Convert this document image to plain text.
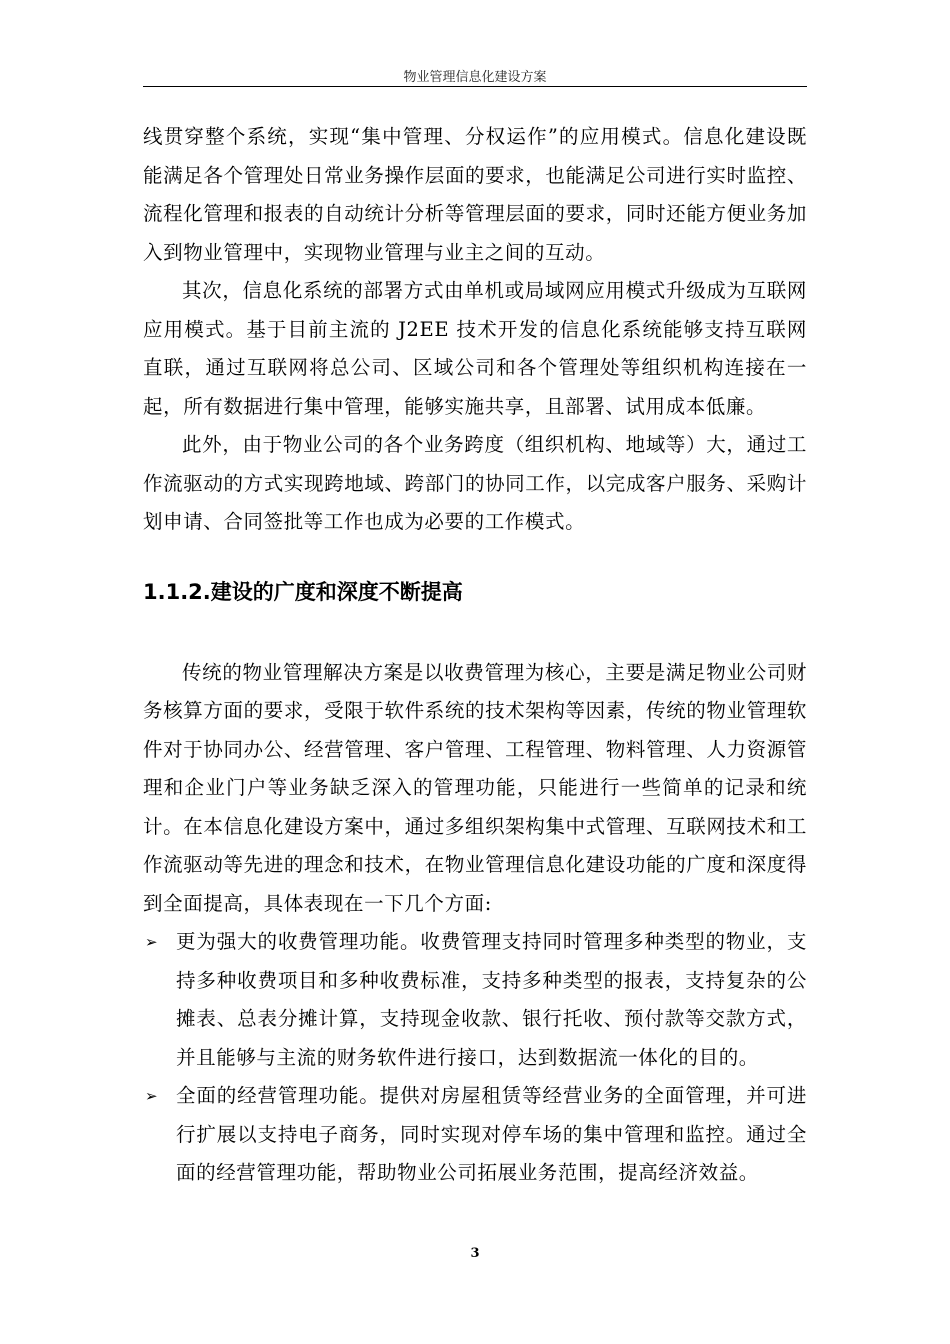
物业管理信息化建设方案

线贯穿整个系统，实现“集中管理、分权运作”的应用模式。信息化建设既能满足各个管理处日常业务操作层面的要求，也能满足公司进行实时监控、流程化管理和报表的自动统计分析等管理层面的要求，同时还能方便业务加入到物业管理中，实现物业管理与业主之间的互动。

其次，信息化系统的部署方式由单机或局域网应用模式升级成为互联网应用模式。基于目前主流的 J2EE 技术开发的信息化系统能够支持互联网直联，通过互联网将总公司、区域公司和各个管理处等组织机构连接在一起，所有数据进行集中管理，能够实施共享，且部署、试用成本低廉。

此外，由于物业公司的各个业务跨度（组织机构、地域等）大，通过工作流驱动的方式实现跨地域、跨部门的协同工作，以完成客户服务、采购计划申请、合同签批等工作也成为必要的工作模式。

1.1.2.建设的广度和深度不断提高

传统的物业管理解决方案是以收费管理为核心，主要是满足物业公司财务核算方面的要求，受限于软件系统的技术架构等因素，传统的物业管理软件对于协同办公、经营管理、客户管理、工程管理、物料管理、人力资源管理和企业门户等业务缺乏深入的管理功能，只能进行一些简单的记录和统计。在本信息化建设方案中，通过多组织架构集中式管理、互联网技术和工作流驱动等先进的理念和技术，在物业管理信息化建设功能的广度和深度得到全面提高，具体表现在一下几个方面:

➢ 更为强大的收费管理功能。收费管理支持同时管理多种类型的物业，支持多种收费项目和多种收费标准，支持多种类型的报表，支持复杂的公摊表、总表分摊计算，支持现金收款、银行托收、预付款等交款方式，并且能够与主流的财务软件进行接口，达到数据流一体化的目的。
➢ 全面的经营管理功能。提供对房屋租赁等经营业务的全面管理，并可进行扩展以支持电子商务，同时实现对停车场的集中管理和监控。通过全面的经营管理功能，帮助物业公司拓展业务范围，提高经济效益。
3
